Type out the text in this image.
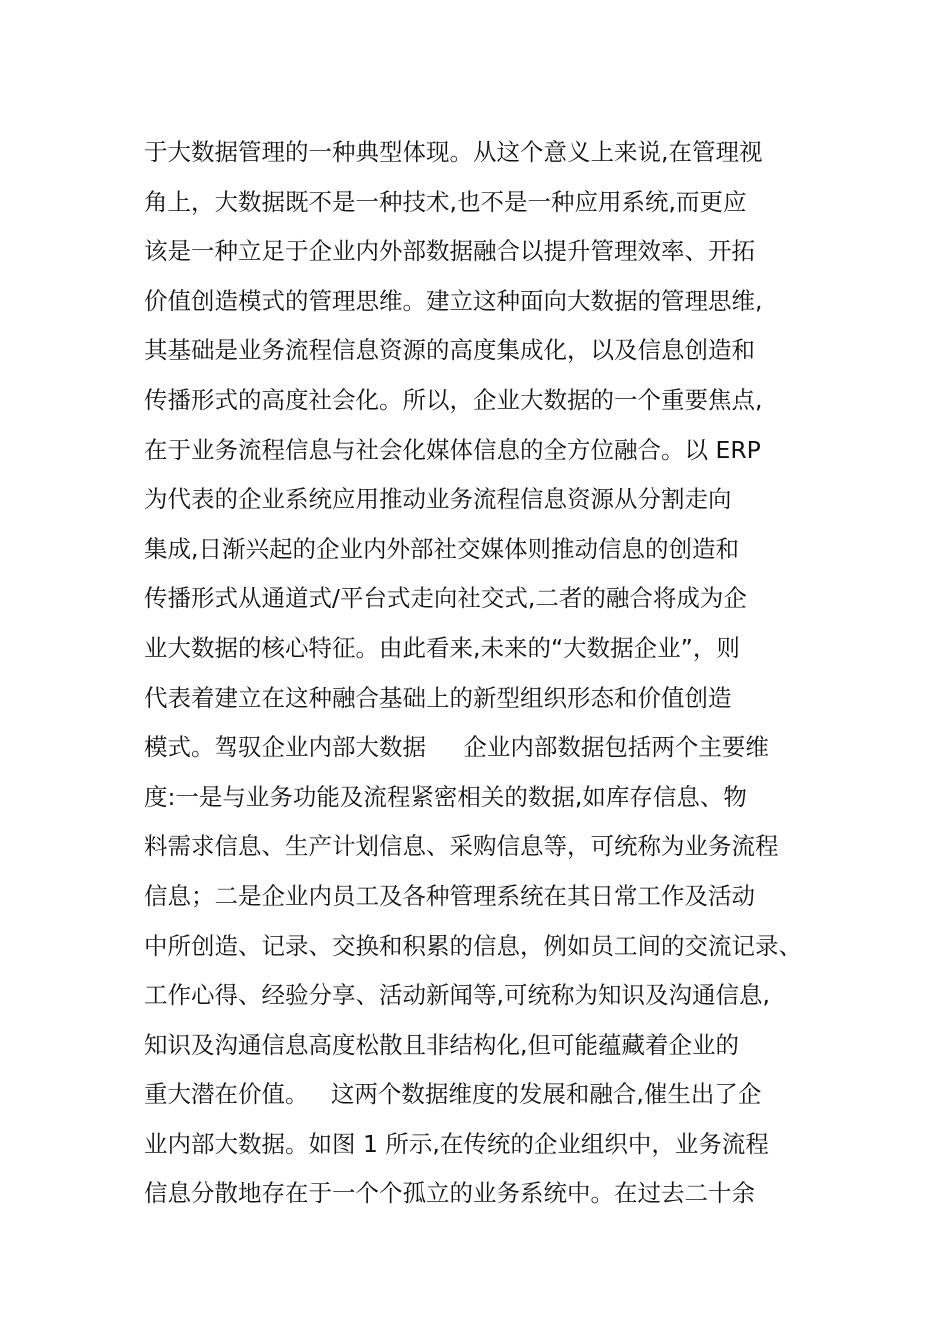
于大数据管理的一种典型体现。从这个意义上来说,在管理视
角上，大数据既不是一种技术,也不是一种应用系统,而更应
该是一种立足于企业内外部数据融合以提升管理效率、开拓
价值创造模式的管理思维。建立这种面向大数据的管理思维,
其基础是业务流程信息资源的高度集成化，以及信息创造和
传播形式的高度社会化。所以，企业大数据的一个重要焦点,
在于业务流程信息与社会化媒体信息的全方位融合。以 ERP
为代表的企业系统应用推动业务流程信息资源从分割走向
集成,日渐兴起的企业内外部社交媒体则推动信息的创造和
传播形式从通道式/平台式走向社交式,二者的融合将成为企
业大数据的核心特征。由此看来,未来的“大数据企业”，则
代表着建立在这种融合基础上的新型组织形态和价值创造
模式。驾驭企业内部大数据     企业内部数据包括两个主要维
度:一是与业务功能及流程紧密相关的数据,如库存信息、物
料需求信息、生产计划信息、采购信息等，可统称为业务流程
信息；二是企业内员工及各种管理系统在其日常工作及活动
中所创造、记录、交换和积累的信息，例如员工间的交流记录、
工作心得、经验分享、活动新闻等,可统称为知识及沟通信息,
知识及沟通信息高度松散且非结构化,但可能蕴藏着企业的
重大潜在价值。   这两个数据维度的发展和融合,催生出了企
业内部大数据。如图 1 所示,在传统的企业组织中，业务流程
信息分散地存在于一个个孤立的业务系统中。在过去二十余
